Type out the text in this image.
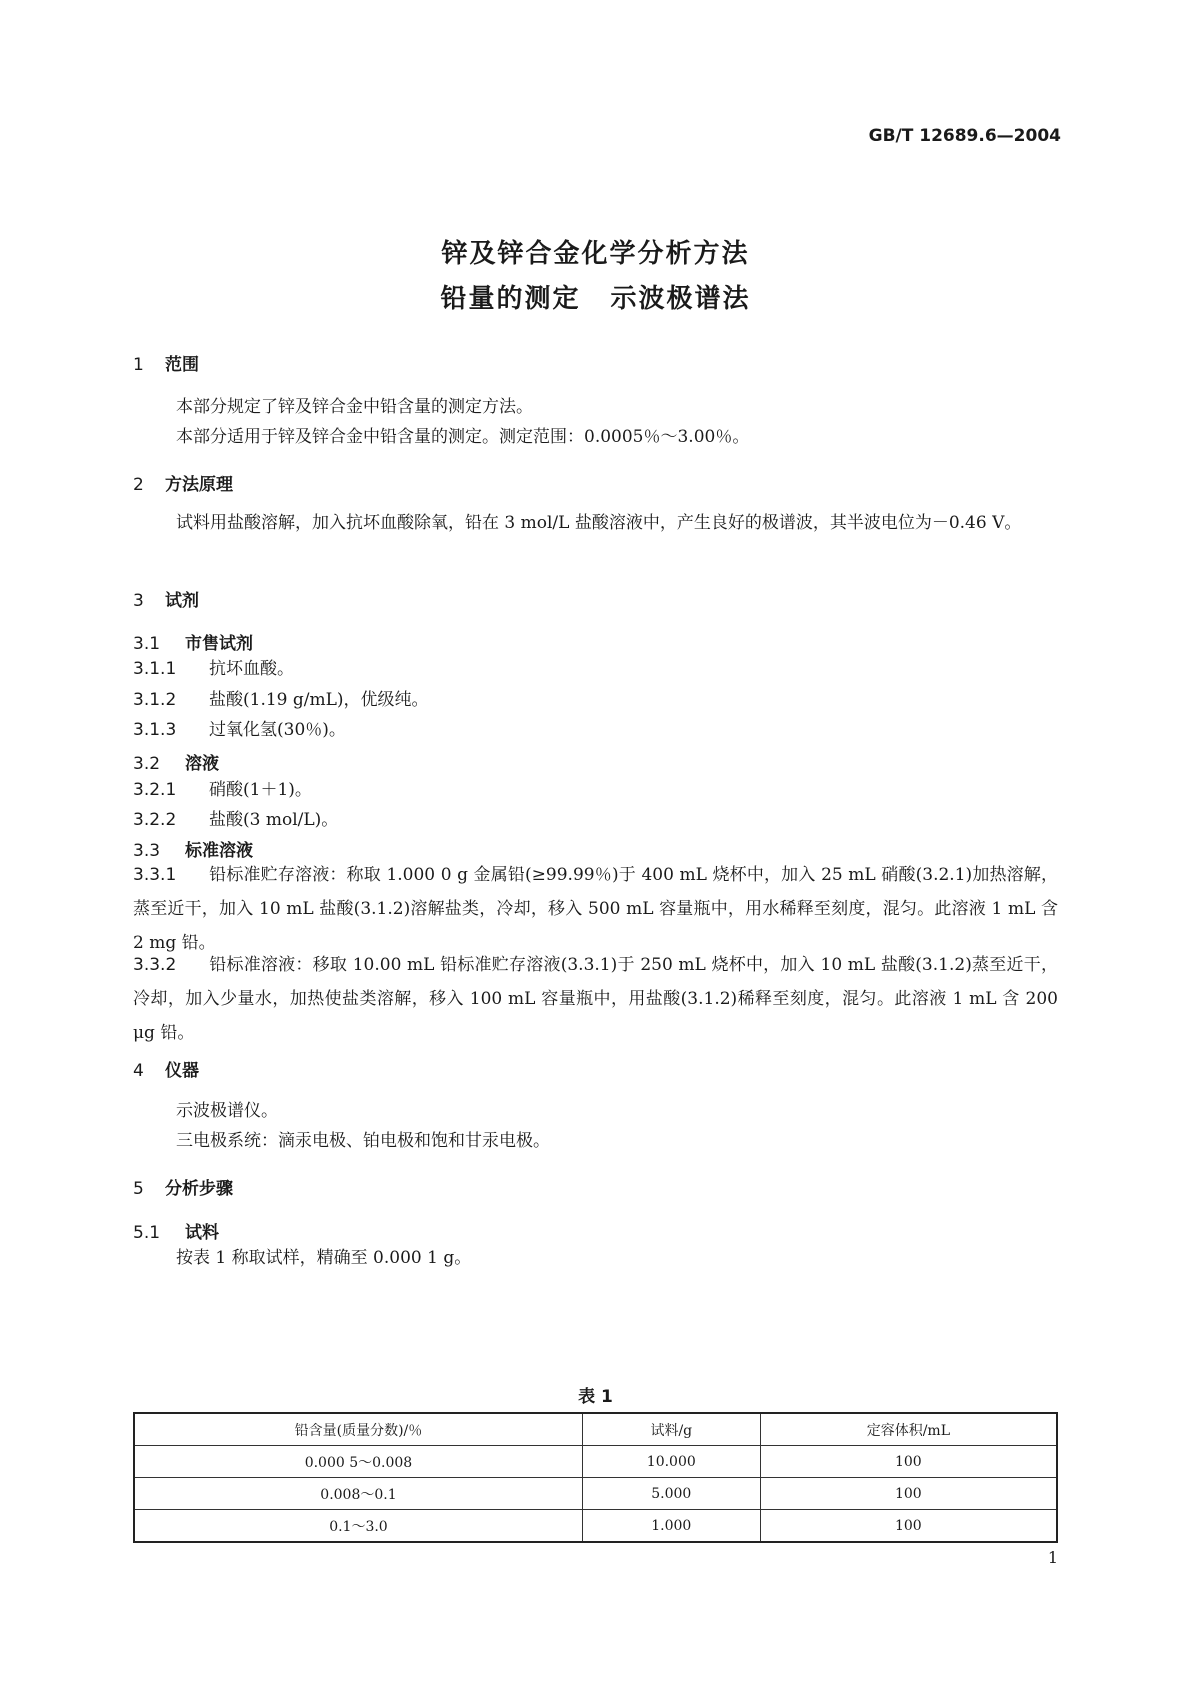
GB/T 12689.6—2004
锌及锌合金化学分析方法
铅量的测定 示波极谱法
1 范围
本部分规定了锌及锌合金中铅含量的测定方法。
本部分适用于锌及锌合金中铅含量的测定。测定范围：0.0005％～3.00％。
2 方法原理
试料用盐酸溶解，加入抗坏血酸除氧，铅在 3 mol/L 盐酸溶液中，产生良好的极谱波，其半波电位为－0.46 V。
3 试剂
3.1 市售试剂
3.1.1 抗坏血酸。
3.1.2 盐酸(1.19 g/mL)，优级纯。
3.1.3 过氧化氢(30％)。
3.2 溶液
3.2.1 硝酸(1＋1)。
3.2.2 盐酸(3 mol/L)。
3.3 标准溶液
3.3.1 铅标准贮存溶液：称取 1.000 0 g 金属铅(≥99.99％)于 400 mL 烧杯中，加入 25 mL 硝酸(3.2.1)加热溶解，蒸至近干，加入 10 mL 盐酸(3.1.2)溶解盐类，冷却，移入 500 mL 容量瓶中，用水稀释至刻度，混匀。此溶液 1 mL 含 2 mg 铅。
3.3.2 铅标准溶液：移取 10.00 mL 铅标准贮存溶液(3.3.1)于 250 mL 烧杯中，加入 10 mL 盐酸(3.1.2)蒸至近干，冷却，加入少量水，加热使盐类溶解，移入 100 mL 容量瓶中，用盐酸(3.1.2)稀释至刻度，混匀。此溶液 1 mL 含 200 μg 铅。
4 仪器
示波极谱仪。
三电极系统：滴汞电极、铂电极和饱和甘汞电极。
5 分析步骤
5.1 试料
按表 1 称取试样，精确至 0.000 1 g。
表 1
铅含量(质量分数)/％	试料/g	定容体积/mL
0.000 5～0.008	10.000	100
0.008～0.1	5.000	100
0.1～3.0	1.000	100
1
